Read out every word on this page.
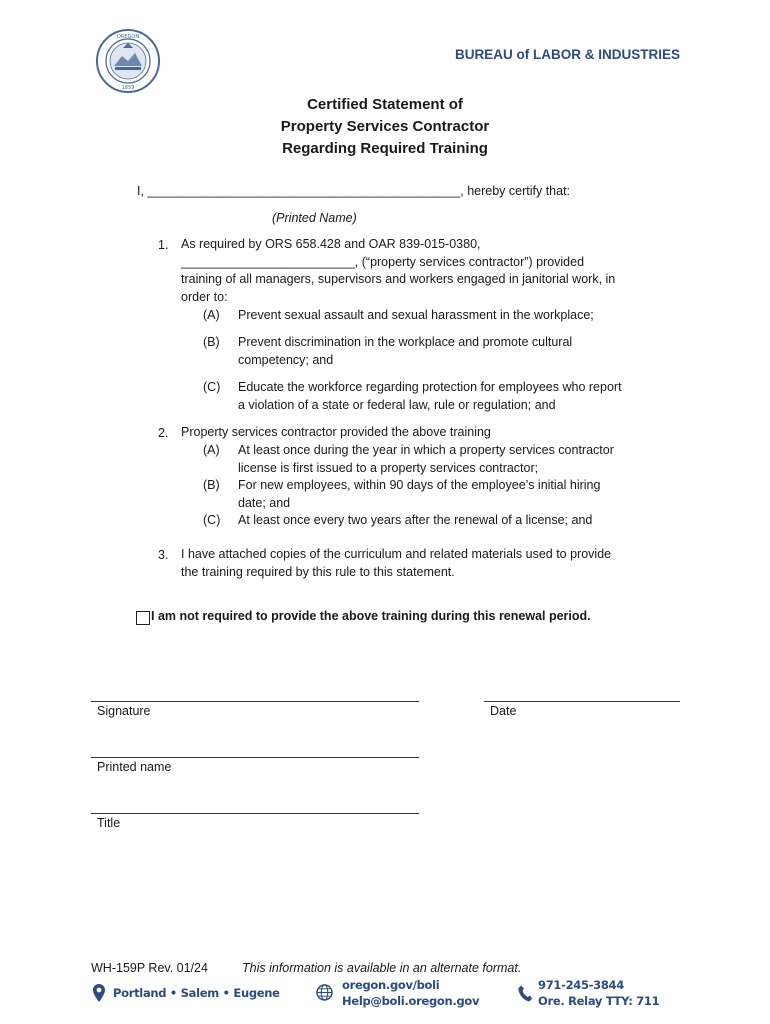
OREGON
1859
BUREAU of LABOR & INDUSTRIES
Certified Statement of
Property Services Contractor
Regarding Required Training
I, _____________________________________________, hereby certify that:
(Printed Name)
1. As required by ORS 658.428 and OAR 839-015-0380,
_________________________, (“property services contractor”) provided
training of all managers, supervisors and workers engaged in janitorial work, in
order to:
(A) Prevent sexual assault and sexual harassment in the workplace;
(B) Prevent discrimination in the workplace and promote cultural
competency; and
(C) Educate the workforce regarding protection for employees who report
a violation of a state or federal law, rule or regulation; and
2. Property services contractor provided the above training
(A) At least once during the year in which a property services contractor
license is first issued to a property services contractor;
(B) For new employees, within 90 days of the employee’s initial hiring
date; and
(C) At least once every two years after the renewal of a license; and
3. I have attached copies of the curriculum and related materials used to provide
the training required by this rule to this statement.
I am not required to provide the above training during this renewal period.
Signature	Date
Printed name
Title
WH-159P Rev. 01/24	This information is available in an alternate format.
Portland • Salem • Eugene
oregon.gov/boli
Help@boli.oregon.gov
971-245-3844
Ore. Relay TTY: 711
